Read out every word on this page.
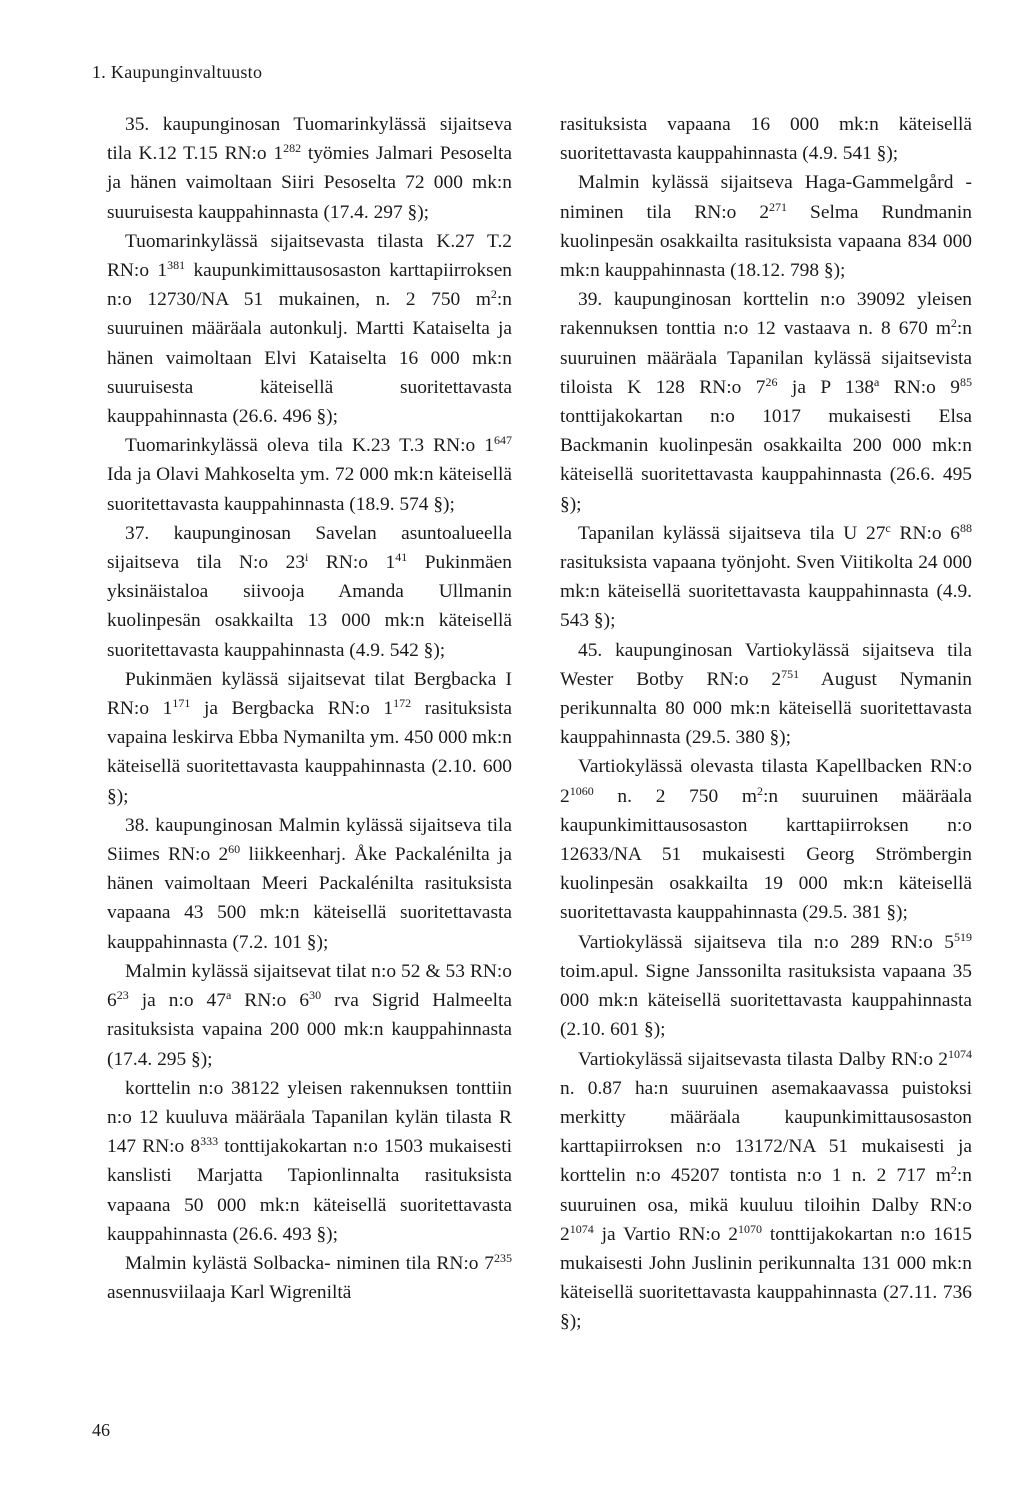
1. Kaupunginvaltuusto

35. kaupunginosan Tuomarinkylässä sijaitseva tila K.12 T.15 RN:o $1^{282}$ työmies Jalmari Pesoselta ja hänen vaimoltaan Siiri Pesoselta 72 000 mk:n suuruisesta kauppahinnasta (17.4. 297 §);

Tuomarinkylässä sijaitsevasta tilasta K.27 T.2 RN:o $1^{381}$ kaupunkimittausosaston karttapiirroksen n:o 12730/NA 51 mukainen, n. 2 750 $m^2:n$ suuruinen määräala autonkulj. Martti Kataiselta ja hänen vaimoltaan Elvi Kataiselta 16 000 mk:n suuruisesta käteisellä suoritettavasta kauppahinnasta (26.6. 496 §);

Tuomarinkylässä oleva tila K.23 T.3 RN:o $1^{647}$ Ida ja Olavi Mahkoselta ym. 72 000 mk:n käteisellä suoritettavasta kauppahinnasta (18.9. 574 §);

37. kaupunginosan Savelan asuntoalueella sijaitseva tila N:o 23$^i$ RN:o $1^{41}$ Pukinmäen yksinäistaloa siivooja Amanda Ullmanin kuolinpesän osakkailta 13 000 mk:n käteisellä suoritettavasta kauppahinnasta (4.9. 542 §);

Pukinmäen kylässä sijaitsevat tilat Bergbacka I RN:o $1^{171}$ ja Bergbacka RN:o $1^{172}$ rasituksista vapaina leskirva Ebba Nymanilta ym. 450 000 mk:n käteisellä suoritettavasta kauppahinnasta (2.10. 600 §);

38. kaupunginosan Malmin kylässä sijaitseva tila Siimes RN:o $2^{60}$ liikkeenharj. Åke Packalénilta ja hänen vaimoltaan Meeri Packalénilta rasituksista vapaana 43 500 mk:n käteisellä suoritettavasta kauppahinnasta (7.2. 101 §);

Malmin kylässä sijaitsevat tilat n:o 52 & 53 RN:o $6^{23}$ ja n:o 47$^a$ RN:o $6^{30}$ rva Sigrid Halmeelta rasituksista vapaina 200 000 mk:n kauppahinnasta (17.4. 295 §);

korttelin n:o 38122 yleisen rakennuksen tonttiin n:o 12 kuuluva määräala Tapanilan kylän tilasta R 147 RN:o $8^{333}$ tonttijakokartan n:o 1503 mukaisesti kanslisti Marjatta Tapionlinnalta rasituksista vapaana 50 000 mk:n käteisellä suoritettavasta kauppahinnasta (26.6. 493 §);

Malmin kylästä Solbacka- niminen tila RN:o $7^{235}$ asennusviilaaja Karl Wigreniltä

rasituksista vapaana 16 000 mk:n käteisellä suoritettavasta kauppahinnasta (4.9. 541 §);

Malmin kylässä sijaitseva Haga-Gammelgård -niminen tila RN:o $2^{271}$ Selma Rundmanin kuolinpesän osakkailta rasituksista vapaana 834 000 mk:n kauppahinnasta (18.12. 798 §);

39. kaupunginosan korttelin n:o 39092 yleisen rakennuksen tonttia n:o 12 vastaava n. 8 670 $m^2:n$ suuruinen määräala Tapanilan kylässä sijaitsevista tiloista K 128 RN:o $7^{26}$ ja P 138$^a$ RN:o $9^{85}$ tonttijakokartan n:o 1017 mukaisesti Elsa Backmanin kuolinpesän osakkailta 200 000 mk:n käteisellä suoritettavasta kauppahinnasta (26.6. 495 §);

Tapanilan kylässä sijaitseva tila U 27$^c$ RN:o $6^{88}$ rasituksista vapaana työnjoht. Sven Viitikolta 24 000 mk:n käteisellä suoritettavasta kauppahinnasta (4.9. 543 §);

45. kaupunginosan Vartiokylässä sijaitseva tila Wester Botby RN:o $2^{751}$ August Nymanin perikunnalta 80 000 mk:n käteisellä suoritettavasta kauppahinnasta (29.5. 380 §);

Vartiokylässä olevasta tilasta Kapellbacken RN:o $2^{1060}$ n. 2 750 $m^2:n$ suuruinen määräala kaupunkimittausosaston karttapiirroksen n:o 12633/NA 51 mukaisesti Georg Strömbergin kuolinpesän osakkailta 19 000 mk:n käteisellä suoritettavasta kauppahinnasta (29.5. 381 §);

Vartiokylässä sijaitseva tila n:o 289 RN:o $5^{519}$ toim.apul. Signe Janssonilta rasituksista vapaana 35 000 mk:n käteisellä suoritettavasta kauppahinnasta (2.10. 601 §);

Vartiokylässä sijaitsevasta tilasta Dalby RN:o $2^{1074}$ n. 0.87 ha:n suuruinen asemakaavassa puistoksi merkitty määräala kaupunkimittausosaston karttapiirroksen n:o 13172/NA 51 mukaisesti ja korttelin n:o 45207 tontista n:o 1 n. 2 717 $m^2:n$ suuruinen osa, mikä kuuluu tiloihin Dalby RN:o $2^{1074}$ ja Vartio RN:o $2^{1070}$ tonttijakokartan n:o 1615 mukaisesti John Juslinin perikunnalta 131 000 mk:n käteisellä suoritettavasta kauppahinnasta (27.11. 736 §);

46
